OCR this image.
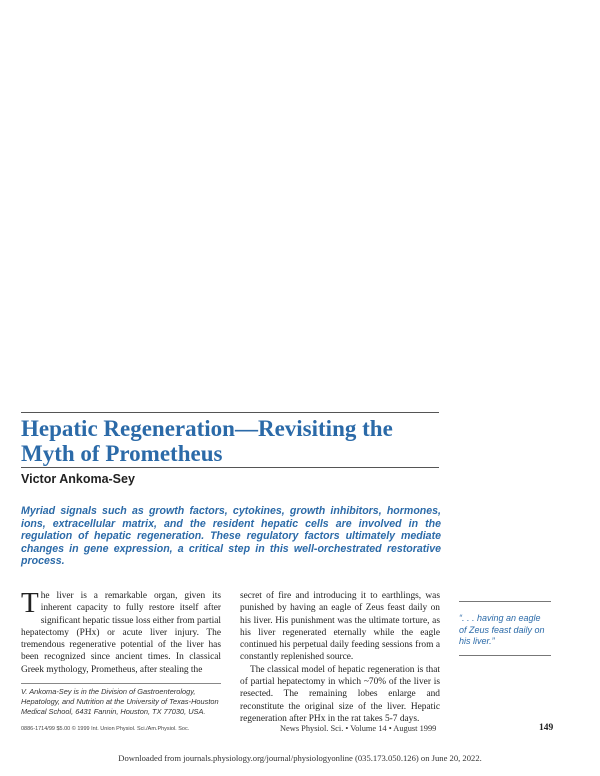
Hepatic Regeneration—Revisiting the Myth of Prometheus
Victor Ankoma-Sey
Myriad signals such as growth factors, cytokines, growth inhibitors, hormones, ions, extracellular matrix, and the resident hepatic cells are involved in the regulation of hepatic regeneration. These regulatory factors ultimately mediate changes in gene expression, a critical step in this well-orchestrated restorative process.

The liver is a remarkable organ, given its inherent capacity to fully restore itself after significant hepatic tissue loss either from partial hepatectomy (PHx) or acute liver injury. The tremendous regenerative potential of the liver has been recognized since ancient times. In classical Greek mythology, Prometheus, after stealing the

secret of fire and introducing it to earthlings, was punished by having an eagle of Zeus feast daily on his liver. His punishment was the ultimate torture, as his liver regenerated eternally while the eagle continued his perpetual daily feeding sessions from a constantly replenished source.

The classical model of hepatic regeneration is that of partial hepatectomy in which ~70% of the liver is resected. The remaining lobes enlarge and reconstitute the original size of the liver. Hepatic regeneration after PHx in the rat takes 5-7 days.

“. . . having an eagle of Zeus feast daily on his liver.”
V. Ankoma-Sey is in the Division of Gastroenterology, Hepatology, and Nutrition at the University of Texas-Houston Medical School, 6431 Fannin, Houston, TX 77030, USA.
0886-1714/99 $5.00 © 1999 Int. Union Physiol. Sci./Am.Physiol. Soc.	News Physiol. Sci. • Volume 14 • August 1999	149
Downloaded from journals.physiology.org/journal/physiologyonline (035.173.050.126) on June 20, 2022.
